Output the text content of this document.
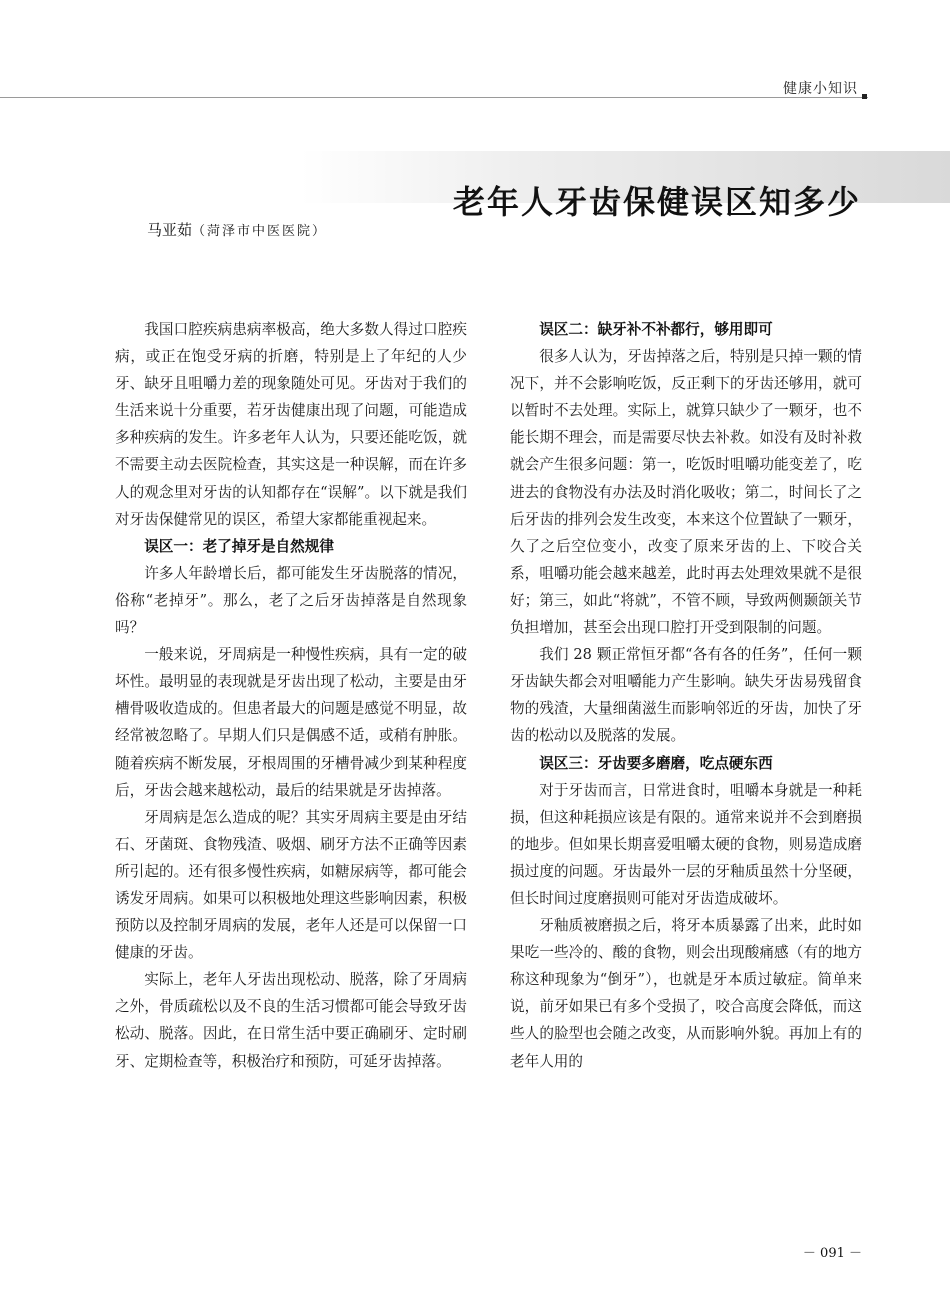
健康小知识
老年人牙齿保健误区知多少
马亚茹（菏泽市中医医院）

我国口腔疾病患病率极高，绝大多数人得过口腔疾病，或正在饱受牙病的折磨，特别是上了年纪的人少牙、缺牙且咀嚼力差的现象随处可见。牙齿对于我们的生活来说十分重要，若牙齿健康出现了问题，可能造成多种疾病的发生。许多老年人认为，只要还能吃饭，就不需要主动去医院检查，其实这是一种误解，而在许多人的观念里对牙齿的认知都存在“误解”。以下就是我们对牙齿保健常见的误区，希望大家都能重视起来。

误区一：老了掉牙是自然规律

许多人年龄增长后，都可能发生牙齿脱落的情况，俗称“老掉牙”。那么，老了之后牙齿掉落是自然现象吗？

一般来说，牙周病是一种慢性疾病，具有一定的破坏性。最明显的表现就是牙齿出现了松动，主要是由牙槽骨吸收造成的。但患者最大的问题是感觉不明显，故经常被忽略了。早期人们只是偶感不适，或稍有肿胀。随着疾病不断发展，牙根周围的牙槽骨减少到某种程度后，牙齿会越来越松动，最后的结果就是牙齿掉落。

牙周病是怎么造成的呢？其实牙周病主要是由牙结石、牙菌斑、食物残渣、吸烟、刷牙方法不正确等因素所引起的。还有很多慢性疾病，如糖尿病等，都可能会诱发牙周病。如果可以积极地处理这些影响因素，积极预防以及控制牙周病的发展，老年人还是可以保留一口健康的牙齿。

实际上，老年人牙齿出现松动、脱落，除了牙周病之外，骨质疏松以及不良的生活习惯都可能会导致牙齿松动、脱落。因此，在日常生活中要正确刷牙、定时刷牙、定期检查等，积极治疗和预防，可延牙齿掉落。

误区二：缺牙补不补都行，够用即可

很多人认为，牙齿掉落之后，特别是只掉一颗的情况下，并不会影响吃饭，反正剩下的牙齿还够用，就可以暂时不去处理。实际上，就算只缺少了一颗牙，也不能长期不理会，而是需要尽快去补救。如没有及时补救就会产生很多问题：第一，吃饭时咀嚼功能变差了，吃进去的食物没有办法及时消化吸收；第二，时间长了之后牙齿的排列会发生改变，本来这个位置缺了一颗牙，久了之后空位变小，改变了原来牙齿的上、下咬合关系，咀嚼功能会越来越差，此时再去处理效果就不是很好；第三，如此“将就”，不管不顾，导致两侧颞颌关节负担增加，甚至会出现口腔打开受到限制的问题。

我们 28 颗正常恒牙都“各有各的任务”，任何一颗牙齿缺失都会对咀嚼能力产生影响。缺失牙齿易残留食物的残渣，大量细菌滋生而影响邻近的牙齿，加快了牙齿的松动以及脱落的发展。

误区三：牙齿要多磨磨，吃点硬东西

对于牙齿而言，日常进食时，咀嚼本身就是一种耗损，但这种耗损应该是有限的。通常来说并不会到磨损的地步。但如果长期喜爱咀嚼太硬的食物，则易造成磨损过度的问题。牙齿最外一层的牙釉质虽然十分坚硬，但长时间过度磨损则可能对牙齿造成破坏。

牙釉质被磨损之后，将牙本质暴露了出来，此时如果吃一些冷的、酸的食物，则会出现酸痛感（有的地方称这种现象为“倒牙”），也就是牙本质过敏症。简单来说，前牙如果已有多个受损了，咬合高度会降低，而这些人的脸型也会随之改变，从而影响外貌。再加上有的老年人用的

－ 091 －
